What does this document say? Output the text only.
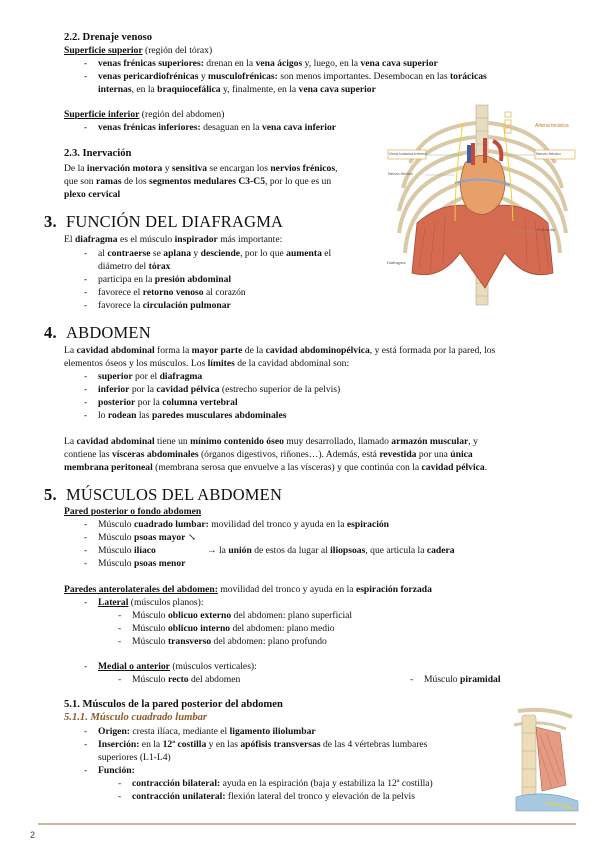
2.2. Drenaje venoso
Superficie superior (región del tórax)
- venas frénicas superiores: drenan en la vena ácigos y, luego, en la vena cava superior
- venas pericardiofrénicas y musculofrénicas: son menos importantes. Desembocan en las torácicas
internas, en la braquiocefálica y, finalmente, en la vena cava superior
Superficie inferior (región del abdomen)
- venas frénicas inferiores: desaguan en la vena cava inferior
2.3. Inervación
De la inervación motora y sensitiva se encargan los nervios frénicos,
que son ramas de los segmentos medulares C3-C5, por lo que es un
plexo cervical
3. FUNCIÓN DEL DIAFRAGMA
El diafragma es el músculo inspirador más importante:
- al contraerse se aplana y desciende, por lo que aumenta el
diámetro del tórax
- participa en la presión abdominal
- favorece el retorno venoso al corazón
- favorece la circulación pulmonar
Vena torácica interna
Nervio frénico
Arteria torácica
Nervio frénico
Pericardio
Diafragma
4. ABDOMEN
La cavidad abdominal forma la mayor parte de la cavidad abdominopélvica, y está formada por la pared, los
elementos óseos y los músculos. Los límites de la cavidad abdominal son:
- superior por el diafragma
- inferior por la cavidad pélvica (estrecho superior de la pelvis)
- posterior por la columna vertebral
- lo rodean las paredes musculares abdominales
La cavidad abdominal tiene un mínimo contenido óseo muy desarrollado, llamado armazón muscular, y
contiene las vísceras abdominales (órganos digestivos, riñones…). Además, está revestida por una única
membrana peritoneal (membrana serosa que envuelve a las vísceras) y que continúa con la cavidad pélvica.
5. MÚSCULOS DEL ABDOMEN
Pared posterior o fondo abdomen
- Músculo cuadrado lumbar: movilidad del tronco y ayuda en la espiración
- Músculo psoas mayor ↘
- Músculo ilíaco	→ la unión de estos da lugar al iliopsoas, que articula la cadera
- Músculo psoas menor
Paredes anterolaterales del abdomen: movilidad del tronco y ayuda en la espiración forzada
- Lateral (músculos planos):
- Músculo oblicuo externo del abdomen: plano superficial
- Músculo oblicuo interno del abdomen: plano medio
- Músculo transverso del abdomen: plano profundo
- Medial o anterior (músculos verticales):
- Músculo recto del abdomen	- Músculo piramidal
5.1. Músculos de la pared posterior del abdomen
5.1.1. Músculo cuadrado lumbar
- Origen: cresta ilíaca, mediante el ligamento iliolumbar
- Inserción: en la 12ª costilla y en las apófisis transversas de las 4 vértebras lumbares
superiores (L1-L4)
- Función:
- contracción bilateral: ayuda en la espiración (baja y estabiliza la 12ª costilla)
- contracción unilateral: flexión lateral del tronco y elevación de la pelvis
2
